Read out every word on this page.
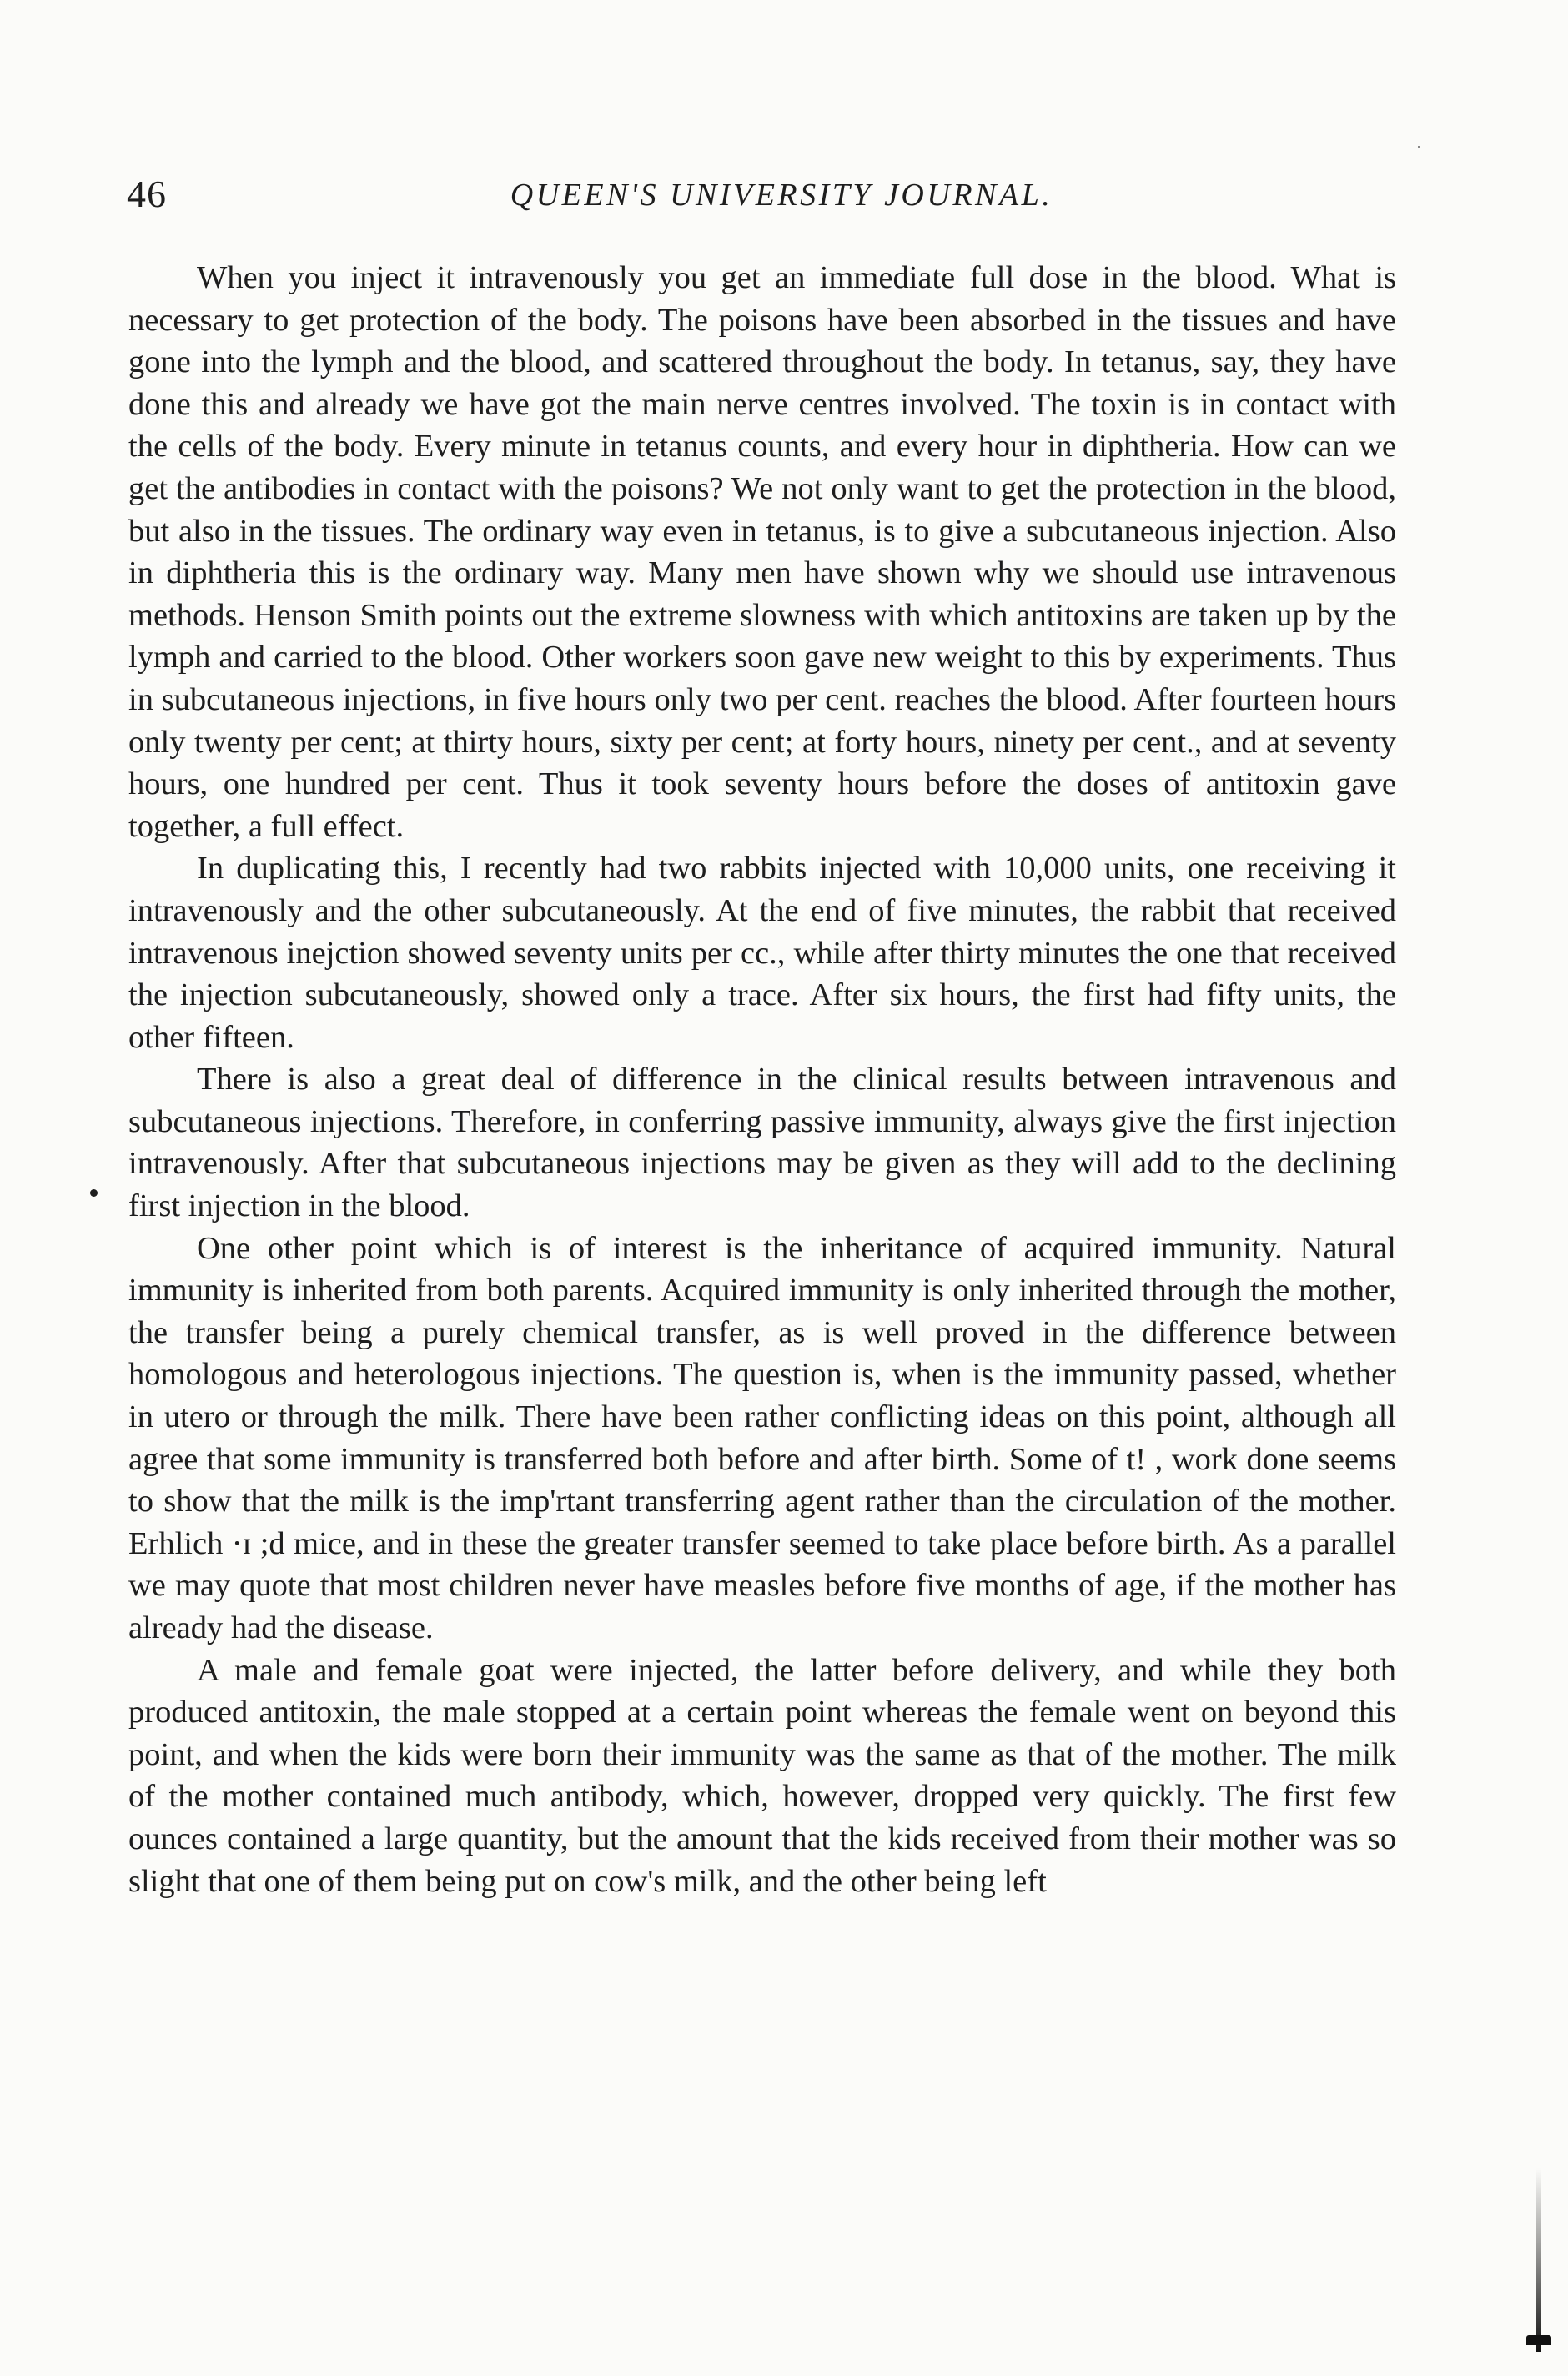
46	QUEEN'S UNIVERSITY JOURNAL.

When you inject it intravenously you get an immediate full dose in the blood. What is necessary to get protection of the body. The poisons have been absorbed in the tissues and have gone into the lymph and the blood, and scattered throughout the body. In tetanus, say, they have done this and already we have got the main nerve centres involved. The toxin is in contact with the cells of the body. Every minute in tetanus counts, and every hour in diphtheria. How can we get the antibodies in contact with the poisons? We not only want to get the protection in the blood, but also in the tissues. The ordinary way even in tetanus, is to give a subcutaneous injection. Also in diphtheria this is the ordinary way. Many men have shown why we should use intravenous methods. Henson Smith points out the extreme slowness with which antitoxins are taken up by the lymph and carried to the blood. Other workers soon gave new weight to this by experiments. Thus in subcutaneous injections, in five hours only two per cent. reaches the blood. After fourteen hours only twenty per cent; at thirty hours, sixty per cent; at forty hours, ninety per cent., and at seventy hours, one hundred per cent. Thus it took seventy hours before the doses of antitoxin gave together, a full effect.

In duplicating this, I recently had two rabbits injected with 10,000 units, one receiving it intravenously and the other subcutaneously. At the end of five minutes, the rabbit that received intravenous inejction showed seventy units per cc., while after thirty minutes the one that received the injection subcutaneously, showed only a trace. After six hours, the first had fifty units, the other fifteen.

There is also a great deal of difference in the clinical results between intravenous and subcutaneous injections. Therefore, in conferring passive immunity, always give the first injection intravenously. After that subcutaneous injections may be given as they will add to the declining first injection in the blood.

One other point which is of interest is the inheritance of acquired immunity. Natural immunity is inherited from both parents. Acquired immunity is only inherited through the mother, the transfer being a purely chemical transfer, as is well proved in the difference between homologous and heterologous injections. The question is, when is the immunity passed, whether in utero or through the milk. There have been rather conflicting ideas on this point, although all agree that some immunity is transferred both before and after birth. Some of t! , work done seems to show that the milk is the imp'rtant transferring agent rather than the circulation of the mother. Erhlich ·ɪ ;d mice, and in these the greater transfer seemed to take place before birth. As a parallel we may quote that most children never have measles before five months of age, if the mother has already had the disease.

A male and female goat were injected, the latter before delivery, and while they both produced antitoxin, the male stopped at a certain point whereas the female went on beyond this point, and when the kids were born their immunity was the same as that of the mother. The milk of the mother contained much antibody, which, however, dropped very quickly. The first few ounces contained a large quantity, but the amount that the kids received from their mother was so slight that one of them being put on cow's milk, and the other being left
